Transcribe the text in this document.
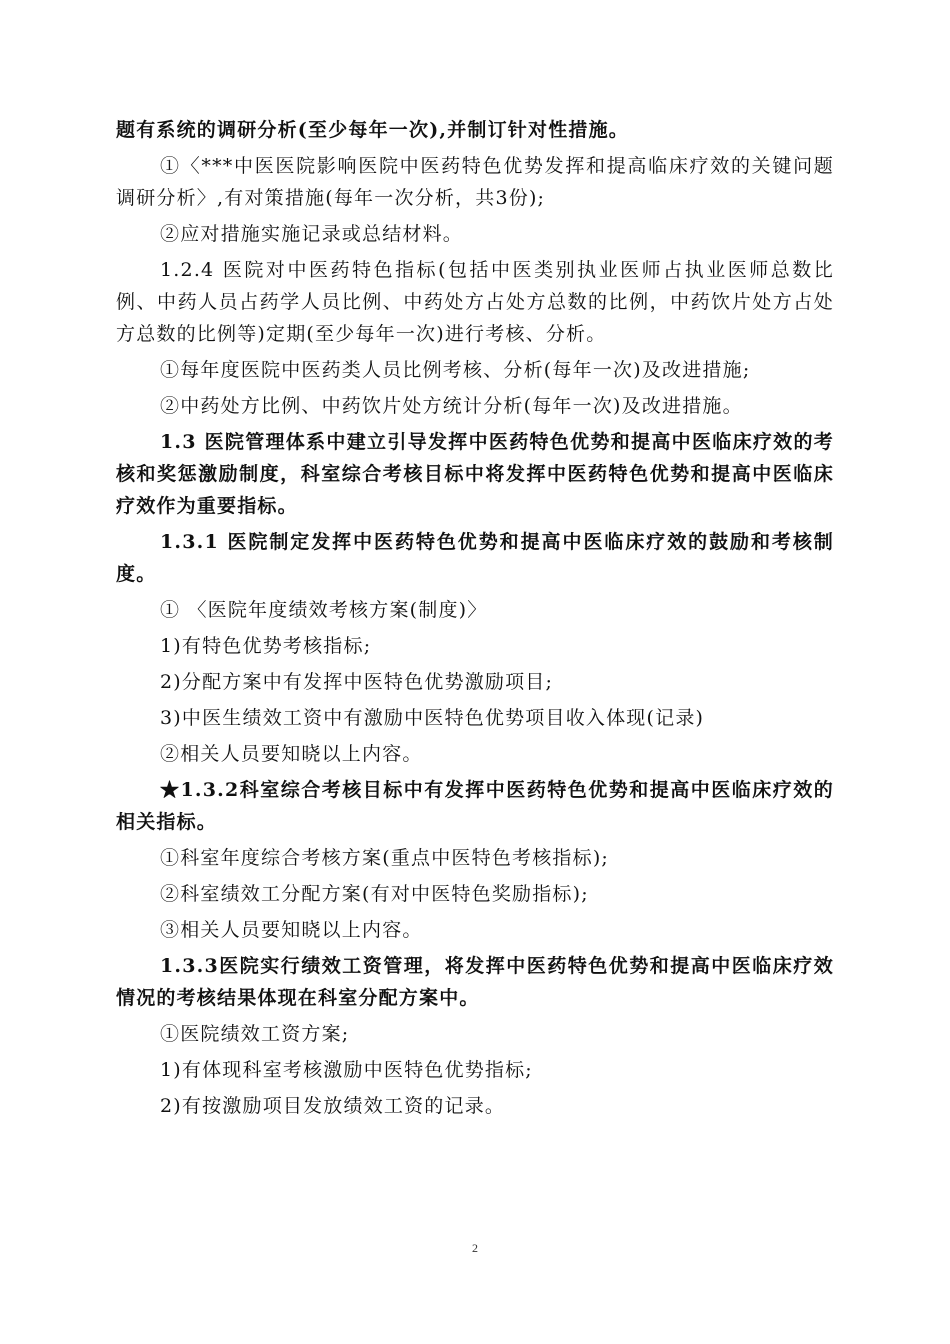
题有系统的调研分析(至少每年一次),并制订针对性措施。

①〈***中医医院影响医院中医药特色优势发挥和提高临床疗效的关键问题调研分析〉,有对策措施(每年一次分析，共3份);

②应对措施实施记录或总结材料。

1.2.4 医院对中医药特色指标(包括中医类别执业医师占执业医师总数比例、中药人员占药学人员比例、中药处方占处方总数的比例，中药饮片处方占处方总数的比例等)定期(至少每年一次)进行考核、分析。

①每年度医院中医药类人员比例考核、分析(每年一次)及改进措施;

②中药处方比例、中药饮片处方统计分析(每年一次)及改进措施。

1.3 医院管理体系中建立引导发挥中医药特色优势和提高中医临床疗效的考核和奖惩激励制度，科室综合考核目标中将发挥中医药特色优势和提高中医临床疗效作为重要指标。

1.3.1 医院制定发挥中医药特色优势和提高中医临床疗效的鼓励和考核制度。

① 〈医院年度绩效考核方案(制度)〉

1)有特色优势考核指标;

2)分配方案中有发挥中医特色优势激励项目;

3)中医生绩效工资中有激励中医特色优势项目收入体现(记录)

②相关人员要知晓以上内容。

★1.3.2科室综合考核目标中有发挥中医药特色优势和提高中医临床疗效的相关指标。

①科室年度综合考核方案(重点中医特色考核指标);

②科室绩效工分配方案(有对中医特色奖励指标);

③相关人员要知晓以上内容。

1.3.3医院实行绩效工资管理，将发挥中医药特色优势和提高中医临床疗效情况的考核结果体现在科室分配方案中。

①医院绩效工资方案;

1)有体现科室考核激励中医特色优势指标;

2)有按激励项目发放绩效工资的记录。

2
